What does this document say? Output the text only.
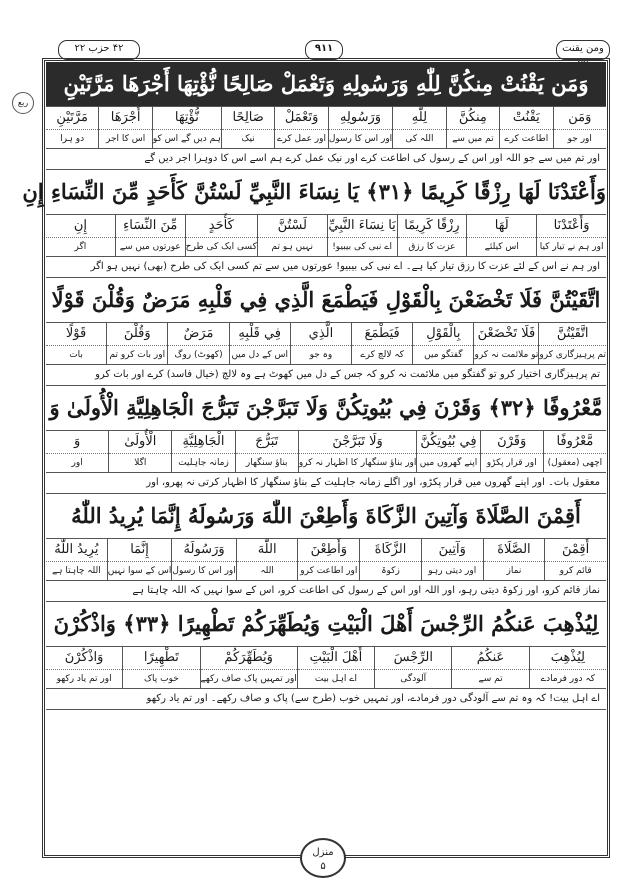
۴۲ حزب ۲۲	٩١١	ومن یقنت
ربع
وَمَن يَقْنُتْ مِنكُنَّ لِلّٰهِ وَرَسُولِهِ وَتَعْمَلْ صَالِحًا نُّؤْتِهَا أَجْرَهَا مَرَّتَيْنِ
وَمَن
اور جو
يَقْنُتْ
اطاعت کرے
مِنكُنَّ
تم میں سے
لِلّٰهِ
اللہ کی
وَرَسُولِهِ
اور اس کا رسول
وَتَعْمَلْ
اور عمل کرے
صَالِحًا
نیک
نُّؤْتِهَا
ہم دیں گے اس کو
أَجْرَهَا
اس کا اجر
مَرَّتَيْنِ
دو ہرا
اور تم میں سے جو اللہ اور اس کے رسول کی اطاعت کرے اور نیک عمل کرے ہم اسے اس کا دوہرا اجر دیں گے
وَأَعْتَدْنَا لَهَا رِزْقًا كَرِيمًا ﴿٣١﴾ يَا نِسَاءَ النَّبِيِّ لَسْتُنَّ كَأَحَدٍ مِّنَ النِّسَاءِ إِنِ
وَأَعْتَدْنَا
اور ہم نے تیار کیا
لَهَا
اس کیلئے
رِزْقًا كَرِيمًا
عزت کا رزق
يَا نِسَاءَ النَّبِيِّ
اے نبی کی بیبیو!
لَسْتُنَّ
نہیں ہو تم
كَأَحَدٍ
کسی ایک کی طرح
مِّنَ النِّسَاءِ
عورتوں میں سے
إِنِ
اگر
اور ہم نے اس کے لئے عزت کا رزق تیار کیا ہے۔ اے نبی کی بیبیو! عورتوں میں سے تم کسی ایک کی طرح (بھی) نہیں ہو اگر
اتَّقَيْتُنَّ فَلَا تَخْضَعْنَ بِالْقَوْلِ فَيَطْمَعَ الَّذِي فِي قَلْبِهِ مَرَضٌ وَقُلْنَ قَوْلًا
اتَّقَيْتُنَّ
تم پرہیزگاری کرو
فَلَا تَخْضَعْنَ
تو ملائمت نہ کرو
بِالْقَوْلِ
گفتگو میں
فَيَطْمَعَ
کہ لالچ کرے
الَّذِي
وہ جو
فِي قَلْبِهِ
اس کے دل میں
مَرَضٌ
(کھوٹ) روگ
وَقُلْنَ
اور بات کرو تم
قَوْلًا
بات
تم پرہیزگاری اختیار کرو تو گفتگو میں ملائمت نہ کرو کہ جس کے دل میں کھوٹ ہے وہ لالچ (خیال فاسد) کرے اور بات کرو
مَّعْرُوفًا ﴿٣٢﴾ وَقَرْنَ فِي بُيُوتِكُنَّ وَلَا تَبَرَّجْنَ تَبَرُّجَ الْجَاهِلِيَّةِ الْأُولَىٰ وَ
مَّعْرُوفًا
اچھی (معقول)
وَقَرْنَ
اور قرار پکڑو
فِي بُيُوتِكُنَّ
اپنے گھروں میں
وَلَا تَبَرَّجْنَ
اور بناؤ سنگھار کا اظہار نہ کرو
تَبَرُّجَ
بناؤ سنگھار
الْجَاهِلِيَّةِ
زمانہ جاہلیت
الْأُولَىٰ
اگلا
وَ
اور
معقول بات۔ اور اپنے گھروں میں قرار پکڑو، اور اگلے زمانہ جاہلیت کے بناؤ سنگھار کا اظہار کرتی نہ پھرو، اور
أَقِمْنَ الصَّلَاةَ وَآتِينَ الزَّكَاةَ وَأَطِعْنَ اللّٰهَ وَرَسُولَهُ إِنَّمَا يُرِيدُ اللّٰهُ
أَقِمْنَ
قائم کرو
الصَّلَاةَ
نماز
وَآتِينَ
اور دیتی رہو
الزَّكَاةَ
زکوۃ
وَأَطِعْنَ
اور اطاعت کرو
اللّٰهَ
اللہ
وَرَسُولَهُ
اور اس کا رسول
إِنَّمَا
اس کے سوا نہیں
يُرِيدُ اللّٰهُ
اللہ چاہتا ہے
نماز قائم کرو، اور زکوۃ دیتی رہو، اور اللہ اور اس کے رسول کی اطاعت کرو، اس کے سوا نہیں کہ اللہ چاہتا ہے
لِيُذْهِبَ عَنكُمُ الرِّجْسَ أَهْلَ الْبَيْتِ وَيُطَهِّرَكُمْ تَطْهِيرًا ﴿٣٣﴾ وَاذْكُرْنَ
لِيُذْهِبَ
کہ دور فرمادے
عَنكُمُ
تم سے
الرِّجْسَ
آلودگی
أَهْلَ الْبَيْتِ
اے اہل بیت
وَيُطَهِّرَكُمْ
اور تمہیں پاک صاف رکھے
تَطْهِيرًا
خوب پاک
وَاذْكُرْنَ
اور تم یاد رکھو
اے اہل بیت! کہ وہ تم سے آلودگی دور فرمادے، اور تمہیں خوب (طرح سے) پاک و صاف رکھے۔ اور تم یاد رکھو
منزل
۵
